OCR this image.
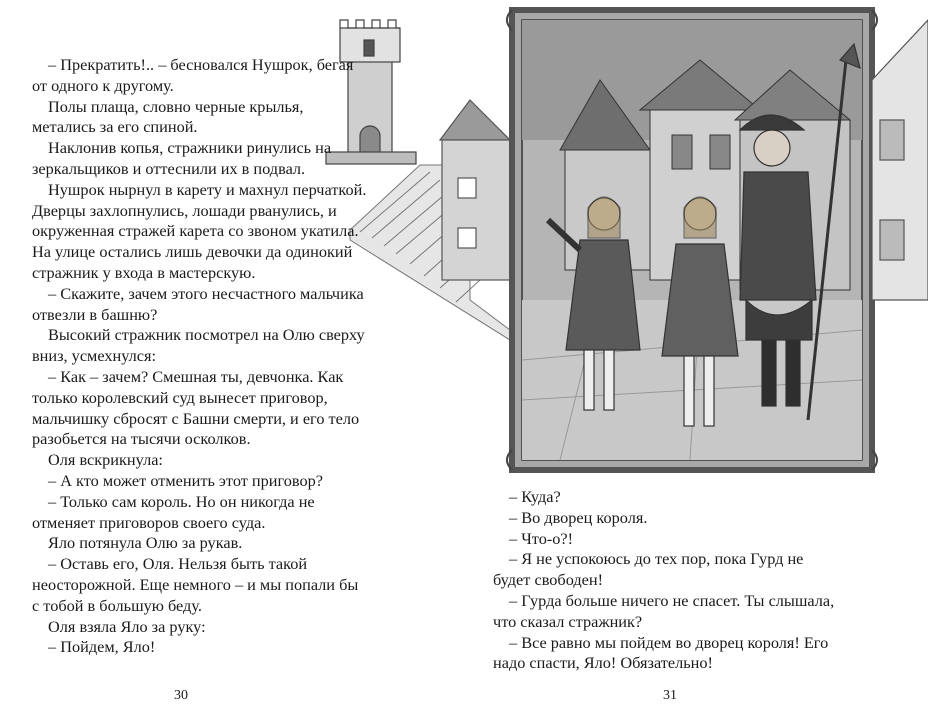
– Прекратить!.. – бесновался Нушрок, бегая от одного к другому.

Полы плаща, словно черные крылья, метались за его спиной.

Наклонив копья, стражники ринулись на зеркальщиков и оттеснили их в подвал.

Нушрок нырнул в карету и махнул перчаткой. Дверцы захлопнулись, лошади рванулись, и окруженная стражей карета со звоном укатила. На улице остались лишь девочки да одинокий стражник у входа в мастерскую.

– Скажите, зачем этого несчастного мальчика отвезли в башню?

Высокий стражник посмотрел на Олю сверху вниз, усмехнулся:

– Как – зачем? Смешная ты, девчонка. Как только королевский суд вынесет приговор, мальчишку сбросят с Башни смерти, и его тело разобьется на тысячи осколков.

Оля вскрикнула:

– А кто может отменить этот приговор?

– Только сам король. Но он никогда не отменяет приговоров своего суда.

Яло потянула Олю за рукав.

– Оставь его, Оля. Нельзя быть такой неосторожной. Еще немного – и мы попали бы с тобой в большую беду.

Оля взяла Яло за руку:

– Пойдем, Яло!

– Куда?

– Во дворец короля.

– Что-о?!

– Я не успокоюсь до тех пор, пока Гурд не будет свободен!

– Гурда больше ничего не спасет. Ты слышала, что сказал стражник?

– Все равно мы пойдем во дворец короля! Его надо спасти, Яло! Обязательно!

30	31
